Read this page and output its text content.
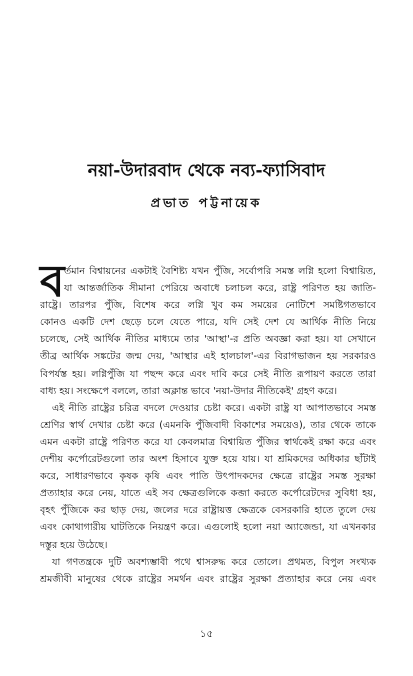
নয়া-উদারবাদ থেকে নব্য-ফ্যাসিবাদ
প্রভাত পট্টনায়েক
ব র্তমান বিশ্বায়নের একটাই বৈশিষ্ট্য যখন পুঁজি, সর্বোপরি সমস্ত লগ্নি হলো বিশ্বায়িত,
যা আন্তর্জাতিক সীমানা পেরিয়ে অবাধে চলাচল করে, রাষ্ট্র পরিণত হয় জাতি-
রাষ্ট্রে। তারপর পুঁজি, বিশেষ করে লগ্নি খুব কম সময়ের নোটিশে সমষ্টিগতভাবে
কোনও একটি দেশ ছেড়ে চলে যেতে পারে, যদি সেই দেশ যে আর্থিক নীতি নিয়ে
চলেছে, সেই আর্থিক নীতির মাধ্যমে তার 'আস্থা'-র প্রতি অবজ্ঞা করা হয়। যা সেখানে
তীব্র আর্থিক সঙ্কটের জন্ম দেয়, 'আস্থার এই হালচাল'-এর বিরাগভাজন হয় সরকারও
বিপর্যস্ত হয়। লগ্নিপুঁজি যা পছন্দ করে এবং দাবি করে সেই নীতি রূপায়ণ করতে তারা
বাধ্য হয়। সংক্ষেপে বললে, তারা অক্লান্ত ভাবে 'নয়া-উদার নীতিকেই' গ্রহণ করে।
এই নীতি রাষ্ট্রের চরিত্র বদলে দেওয়ার চেষ্টা করে। একটা রাষ্ট্র যা আপাতভাবে সমস্ত
শ্রেণির স্বার্থ দেখার চেষ্টা করে (এমনকি পুঁজিবাদী বিকাশের সময়েও), তার থেকে তাকে
এমন একটা রাষ্ট্রে পরিণত করে যা কেবলমাত্র বিশ্বায়িত পুঁজির স্বার্থকেই রক্ষা করে এবং
দেশীয় কর্পোরেটগুলো তার অংশ হিসাবে যুক্ত হয়ে যায়। যা শ্রমিকদের অধিকার ছাঁটাই
করে, সাধারণভাবে কৃষক কৃষি এবং পাতি উৎপাদকদের ক্ষেত্রে রাষ্ট্রের সমস্ত সুরক্ষা
প্রত্যাহার করে নেয়, যাতে এই সব ক্ষেত্রগুলিকে কব্জা করতে কর্পোরেটদের সুবিধা হয়,
বৃহৎ পুঁজিকে কর ছাড় দেয়, জলের দরে রাষ্ট্রায়ত্ত ক্ষেত্রকে বেসরকারি হাতে তুলে দেয়
এবং কোথাগারীয় ঘাটতিকে নিয়ন্ত্রণ করে। এগুলোই হলো নয়া অ্যাজেন্ডা, যা এখনকার
দস্তুর হয়ে উঠেছে।
যা গণতন্ত্রকে দুটি অবশ্যম্ভাবী পথে শ্বাসরুদ্ধ করে তোলে। প্রথমত, বিপুল সংখ্যক
শ্রমজীবী মানুষের থেকে রাষ্ট্রের সমর্থন এবং রাষ্ট্রের সুরক্ষা প্রত্যাহার করে নেয় এবং
১৫
